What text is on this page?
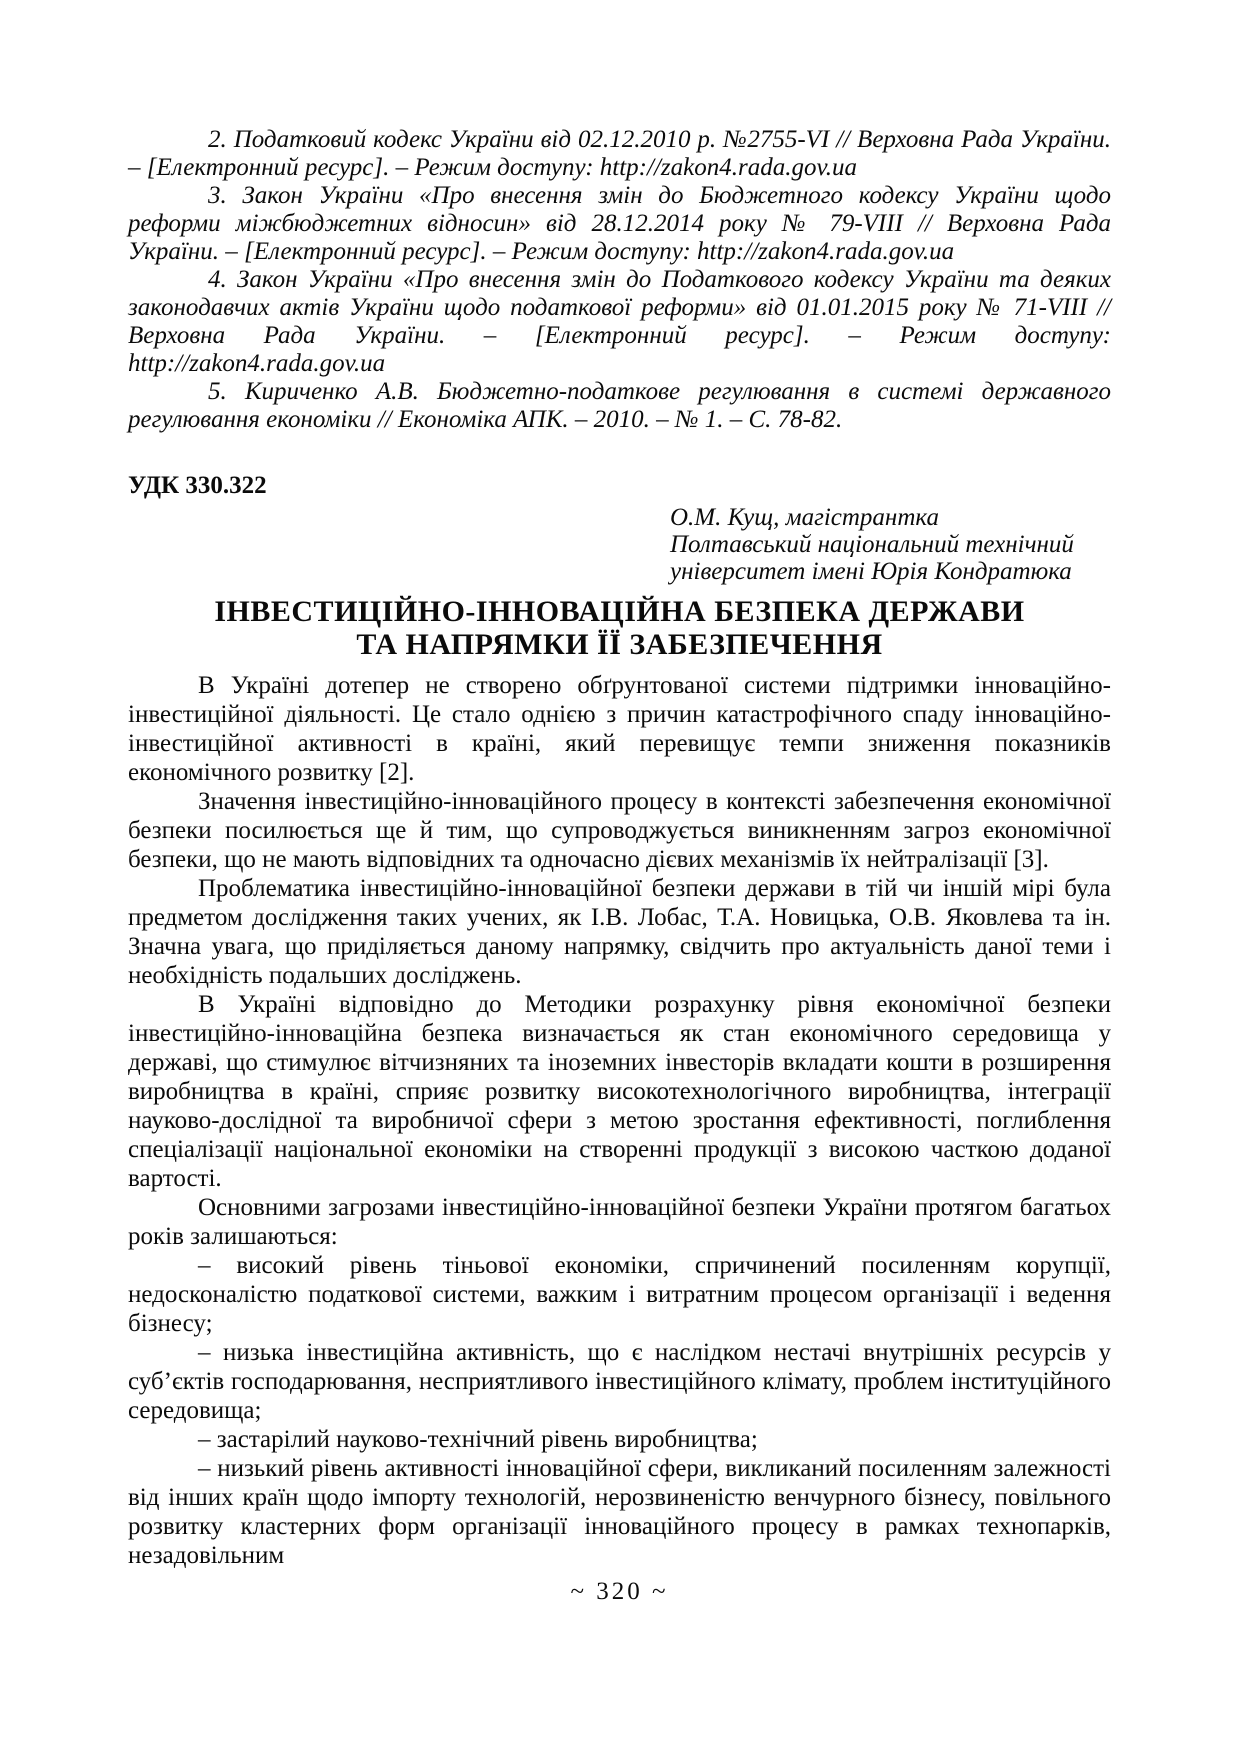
2. Податковий кодекс України від 02.12.2010 р. №2755-VI // Верховна Рада України. – [Електронний ресурс]. – Режим доступу: http://zakon4.rada.gov.ua

3. Закон України «Про внесення змін до Бюджетного кодексу України щодо реформи міжбюджетних відносин» від 28.12.2014 року № 79-VIII // Верховна Рада України. – [Електронний ресурс]. – Режим доступу: http://zakon4.rada.gov.ua

4. Закон України «Про внесення змін до Податкового кодексу України та деяких законодавчих актів України щодо податкової реформи» від 01.01.2015 року № 71-VIII // Верховна Рада України. – [Електронний ресурс]. – Режим доступу: http://zakon4.rada.gov.ua

5. Кириченко А.В. Бюджетно-податкове регулювання в системі державного регулювання економіки // Економіка АПК. – 2010. – № 1. – С. 78-82.

УДК 330.322

О.М. Кущ, магістрантка

Полтавський національний технічний

університет імені Юрія Кондратюка

ІНВЕСТИЦІЙНО-ІННОВАЦІЙНА БЕЗПЕКА ДЕРЖАВИ
ТА НАПРЯМКИ ЇЇ ЗАБЕЗПЕЧЕННЯ

В Україні дотепер не створено обґрунтованої системи підтримки інноваційно-інвестиційної діяльності. Це стало однією з причин катастрофічного спаду інноваційно-інвестиційної активності в країні, який перевищує темпи зниження показників економічного розвитку [2].

Значення інвестиційно-інноваційного процесу в контексті забезпечення економічної безпеки посилюється ще й тим, що супроводжується виникненням загроз економічної безпеки, що не мають відповідних та одночасно дієвих механізмів їх нейтралізації [3].

Проблематика інвестиційно-інноваційної безпеки держави в тій чи іншій мірі була предметом дослідження таких учених, як І.В. Лобас, Т.А. Новицька, О.В. Яковлева та ін. Значна увага, що приділяється даному напрямку, свідчить про актуальність даної теми і необхідність подальших досліджень.

В Україні відповідно до Методики розрахунку рівня економічної безпеки інвестиційно-інноваційна безпека визначається як стан економічного середовища у державі, що стимулює вітчизняних та іноземних інвесторів вкладати кошти в розширення виробництва в країні, сприяє розвитку високотехнологічного виробництва, інтеграції науково-дослідної та виробничої сфери з метою зростання ефективності, поглиблення спеціалізації національної економіки на створенні продукції з високою часткою доданої вартості.

Основними загрозами інвестиційно-інноваційної безпеки України протягом багатьох років залишаються:

– високий рівень тіньової економіки, спричинений посиленням корупції, недосконалістю податкової системи, важким і витратним процесом організації і ведення бізнесу;

– низька інвестиційна активність, що є наслідком нестачі внутрішніх ресурсів у суб’єктів господарювання, несприятливого інвестиційного клімату, проблем інституційного середовища;

– застарілий науково-технічний рівень виробництва;

– низький рівень активності інноваційної сфери, викликаний посиленням залежності від інших країн щодо імпорту технологій, нерозвиненістю венчурного бізнесу, повільного розвитку кластерних форм організації інноваційного процесу в рамках технопарків, незадовільним

~ 320 ~
